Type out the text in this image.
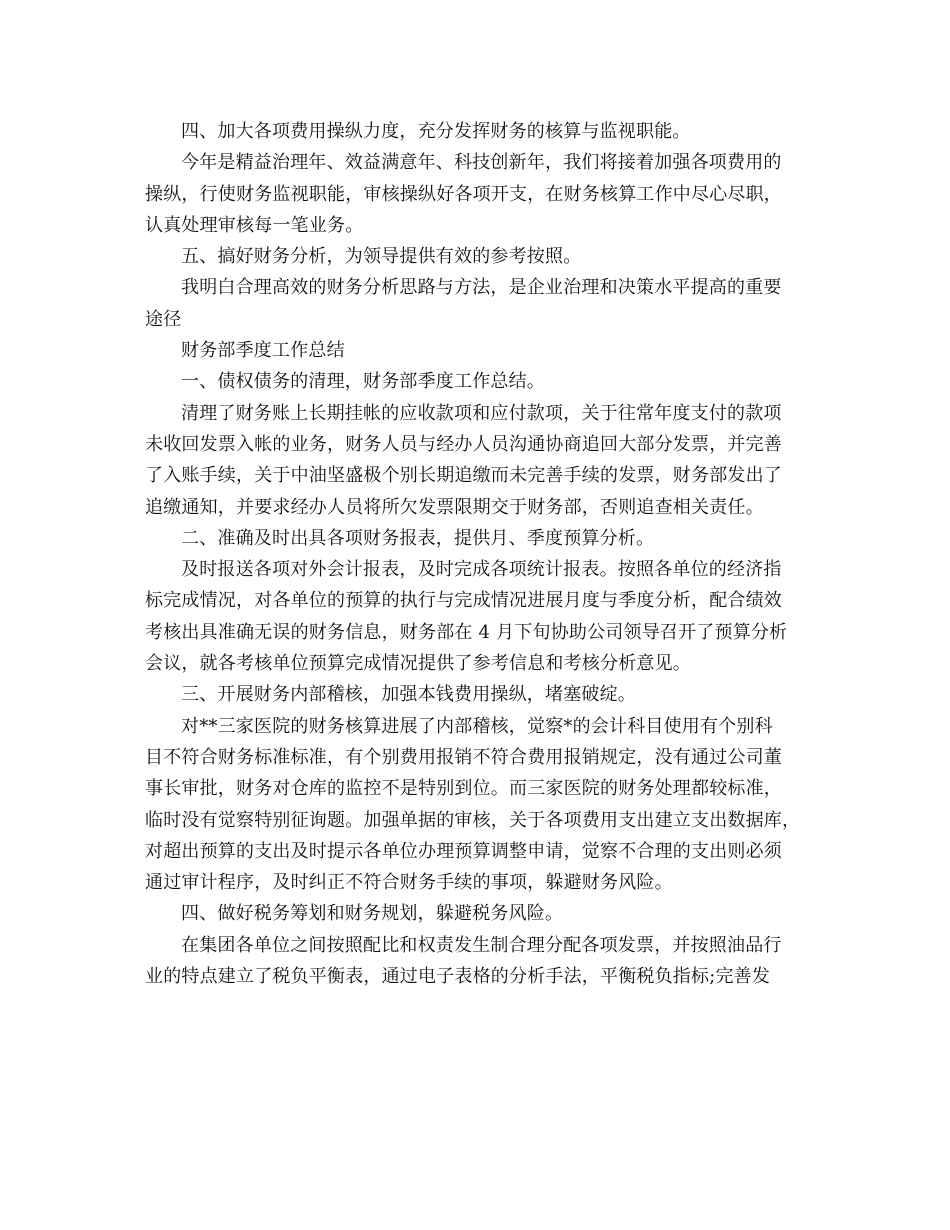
四、加大各项费用操纵力度，充分发挥财务的核算与监视职能。
今年是精益治理年、效益满意年、科技创新年，我们将接着加强各项费用的
操纵，行使财务监视职能，审核操纵好各项开支，在财务核算工作中尽心尽职，
认真处理审核每一笔业务。
五、搞好财务分析，为领导提供有效的参考按照。
我明白合理高效的财务分析思路与方法，是企业治理和决策水平提高的重要
途径
财务部季度工作总结
一、债权债务的清理，财务部季度工作总结。
清理了财务账上长期挂帐的应收款项和应付款项，关于往常年度支付的款项
未收回发票入帐的业务，财务人员与经办人员沟通协商追回大部分发票，并完善
了入账手续，关于中油坚盛极个别长期追缴而未完善手续的发票，财务部发出了
追缴通知，并要求经办人员将所欠发票限期交于财务部，否则追查相关责任。
二、准确及时出具各项财务报表，提供月、季度预算分析。
及时报送各项对外会计报表，及时完成各项统计报表。按照各单位的经济指
标完成情况，对各单位的预算的执行与完成情况进展月度与季度分析，配合绩效
考核出具准确无误的财务信息，财务部在 4 月下旬协助公司领导召开了预算分析
会议，就各考核单位预算完成情况提供了参考信息和考核分析意见。
三、开展财务内部稽核，加强本钱费用操纵，堵塞破绽。
对**三家医院的财务核算进展了内部稽核，觉察*的会计科目使用有个别科
目不符合财务标准标准，有个别费用报销不符合费用报销规定，没有通过公司董
事长审批，财务对仓库的监控不是特别到位。而三家医院的财务处理都较标准，
临时没有觉察特别征询题。加强单据的审核，关于各项费用支出建立支出数据库，
对超出预算的支出及时提示各单位办理预算调整申请，觉察不合理的支出则必须
通过审计程序，及时纠正不符合财务手续的事项，躲避财务风险。
四、做好税务筹划和财务规划，躲避税务风险。
在集团各单位之间按照配比和权责发生制合理分配各项发票，并按照油品行
业的特点建立了税负平衡表，通过电子表格的分析手法，平衡税负指标;完善发
